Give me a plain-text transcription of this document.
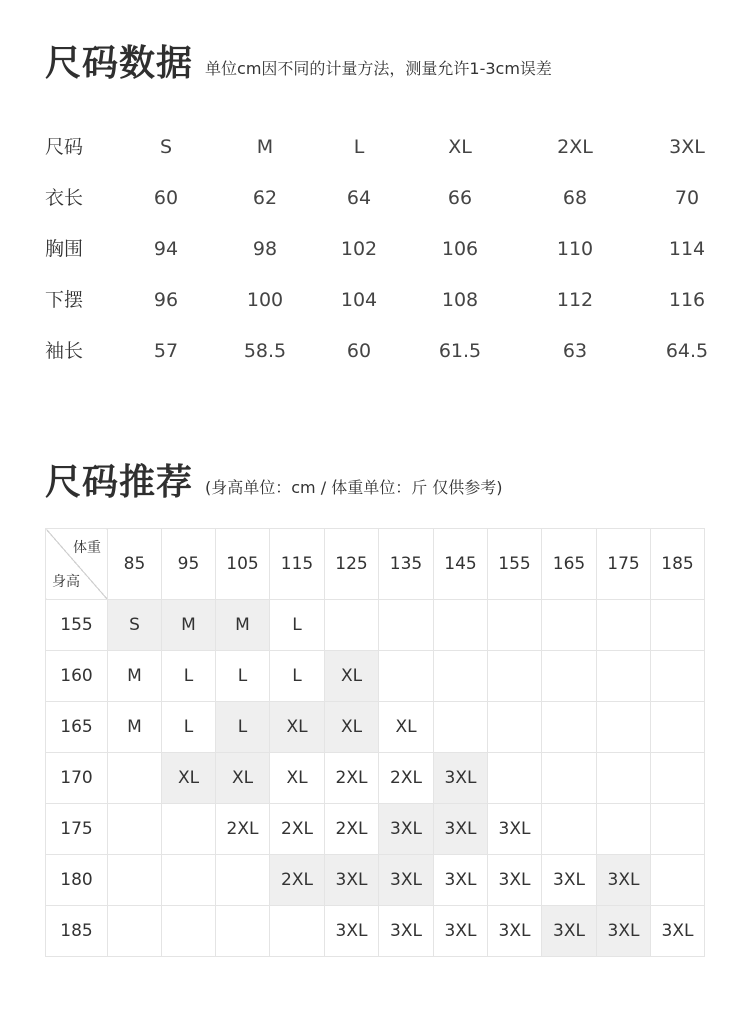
尺码数据 单位cm因不同的计量方法，测量允许1-3cm误差
尺码	S	M	L	XL	2XL	3XL
衣长	60	62	64	66	68	70
胸围	94	98	102	106	110	114
下摆	96	100	104	108	112	116
袖长	57	58.5	60	61.5	63	64.5
尺码推荐 (身高单位：cm / 体重单位：斤 仅供参考)
体重
身高	85	95	105	115	125	135	145	155	165	175	185
155	S	M	M	L							
160	M	L	L	L	XL						
165	M	L	L	XL	XL	XL					
170		XL	XL	XL	2XL	2XL	3XL				
175			2XL	2XL	2XL	3XL	3XL	3XL			
180				2XL	3XL	3XL	3XL	3XL	3XL	3XL	
185					3XL	3XL	3XL	3XL	3XL	3XL	3XL
